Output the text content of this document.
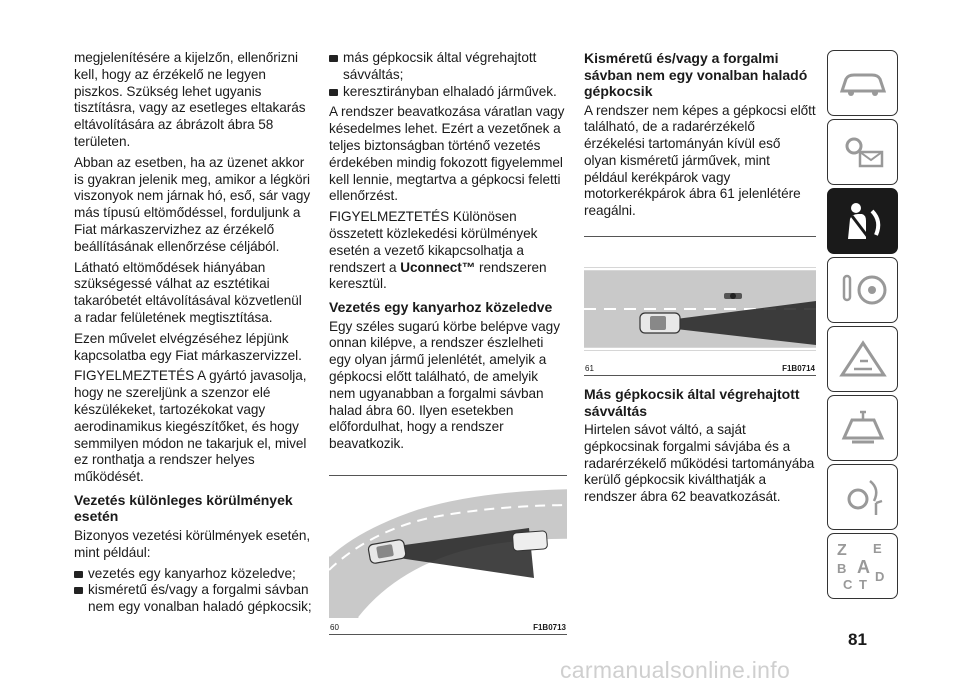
megjelenítésére a kijelzőn, ellenőrizni kell, hogy az érzékelő ne legyen piszkos. Szükség lehet ugyanis tisztításra, vagy az esetleges eltakarás eltávolítására az ábrázolt ábra 58 területen.

Abban az esetben, ha az üzenet akkor is gyakran jelenik meg, amikor a légköri viszonyok nem járnak hó, eső, sár vagy más típusú eltömődéssel, forduljunk a Fiat márkaszervizhez az érzékelő beállításának ellenőrzése céljából.

Látható eltömődések hiányában szükségessé válhat az esztétikai takaróbetét eltávolításával közvetlenül a radar felületének megtisztítása.

Ezen művelet elvégzéséhez lépjünk kapcsolatba egy Fiat márkaszervizzel.

FIGYELMEZTETÉS A gyártó javasolja, hogy ne szereljünk a szenzor elé készülékeket, tartozékokat vagy aerodinamikus kiegészítőket, és hogy semmilyen módon ne takarjuk el, mivel ez ronthatja a rendszer helyes működését.

Vezetés különleges körülmények esetén

Bizonyos vezetési körülmények esetén, mint például:

vezetés egy kanyarhoz közeledve;
kisméretű és/vagy a forgalmi sávban nem egy vonalban haladó gépkocsik;
más gépkocsik által végrehajtott sávváltás;
keresztirányban elhaladó járművek.

A rendszer beavatkozása váratlan vagy késedelmes lehet. Ezért a vezetőnek a teljes biztonságban történő vezetés érdekében mindig fokozott figyelemmel kell lennie, megtartva a gépkocsi feletti ellenőrzést.

FIGYELMEZTETÉS Különösen összetett közlekedési körülmények esetén a vezető kikapcsolhatja a rendszert a Uconnect™ rendszeren keresztül.

Vezetés egy kanyarhoz közeledve

Egy széles sugarú körbe belépve vagy onnan kilépve, a rendszer észlelheti egy olyan jármű jelenlétét, amelyik a gépkocsi előtt található, de amelyik nem ugyanabban a forgalmi sávban halad ábra 60. Ilyen esetekben előfordulhat, hogy a rendszer beavatkozik.

60	F1B0713
Kisméretű és/vagy a forgalmi sávban nem egy vonalban haladó gépkocsik

A rendszer nem képes a gépkocsi előtt található, de a radarérzékelő érzékelési tartományán kívül eső olyan kisméretű járművek, mint például kerékpárok vagy motorkerékpárok ábra 61 jelenlétére reagálni.

61	F1B0714
Más gépkocsik által végrehajtott sávváltás

Hirtelen sávot váltó, a saját gépkocsinak forgalmi sávjába és a radarérzékelő működési tartományába kerülő gépkocsik kiválthatják a rendszer ábra 62 beavatkozását.

Z E
B A
C T
D
81
carmanualsonline.info
